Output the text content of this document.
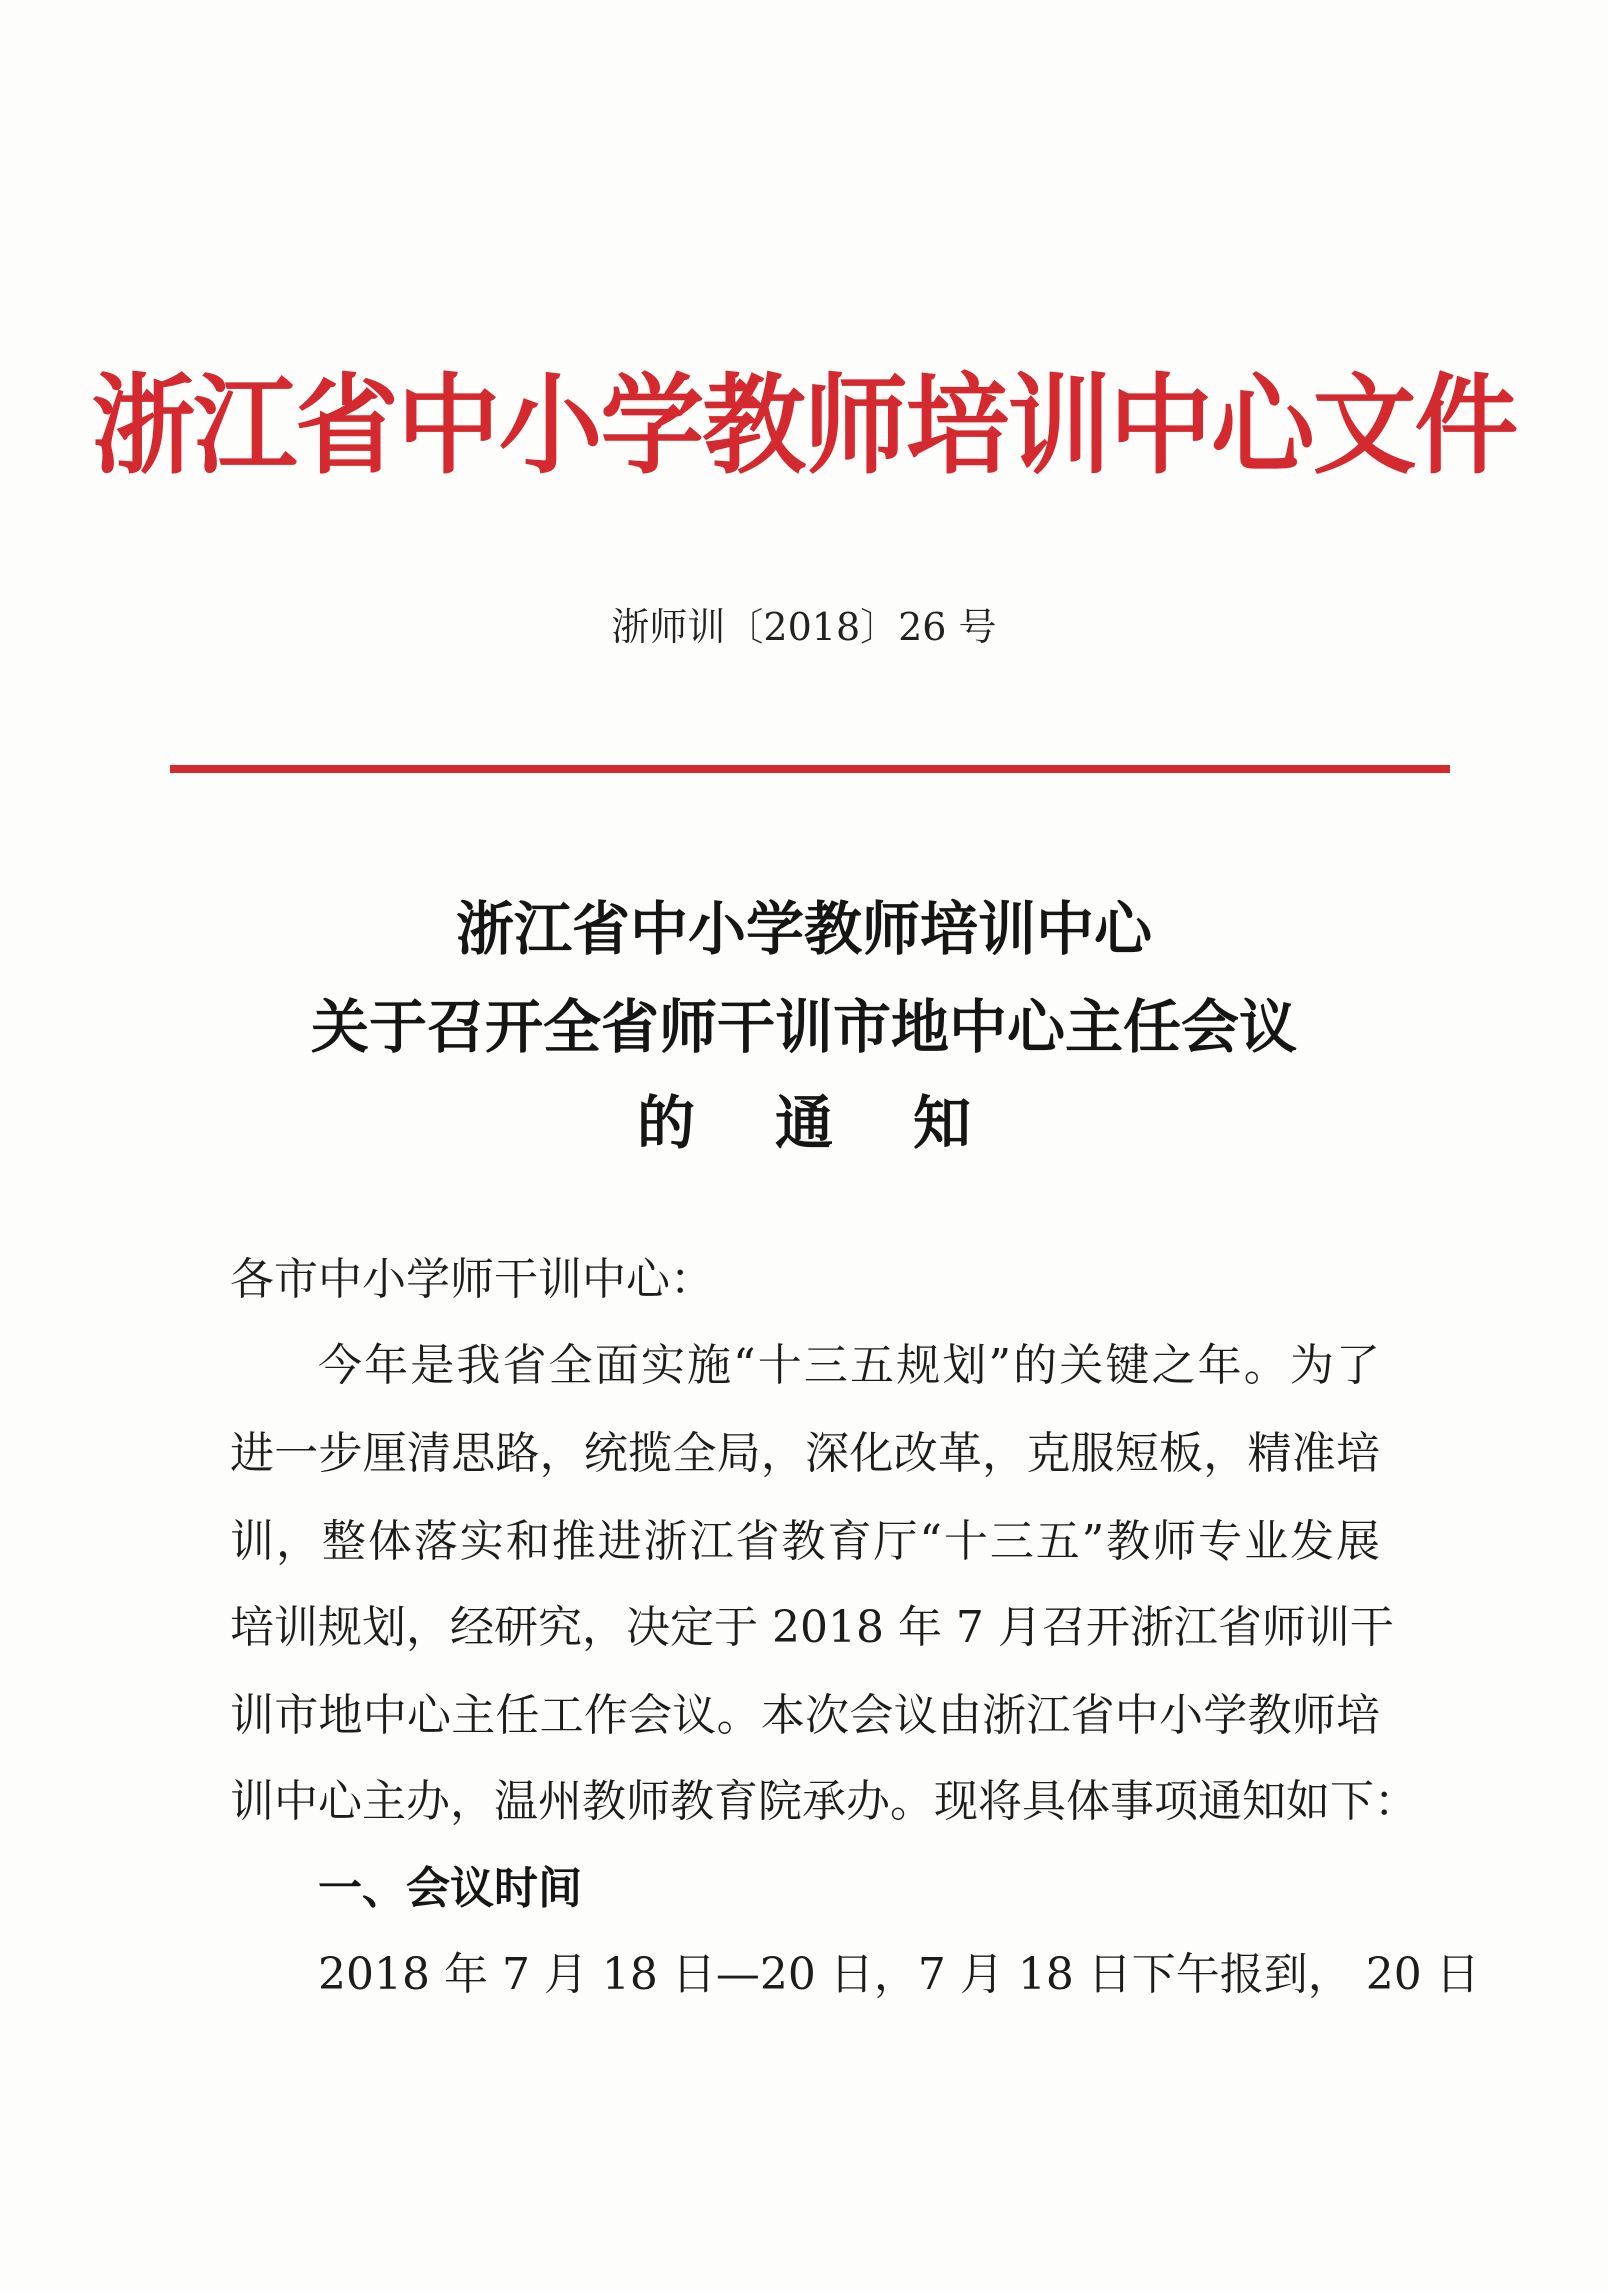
浙江省中小学教师培训中心文件
浙师训〔2018〕26 号
浙江省中小学教师培训中心
关于召开全省师干训市地中心主任会议
的 通 知
各市中小学师干训中心：
今年是我省全面实施“十三五规划”的关键之年。为了
进一步厘清思路，统揽全局，深化改革，克服短板，精准培
训，整体落实和推进浙江省教育厅“十三五”教师专业发展
培训规划，经研究，决定于 2018 年 7 月召开浙江省师训干
训市地中心主任工作会议。本次会议由浙江省中小学教师培
训中心主办，温州教师教育院承办。现将具体事项通知如下：
一、会议时间
2018 年 7 月 18 日—20 日，7 月 18 日下午报到， 20 日
